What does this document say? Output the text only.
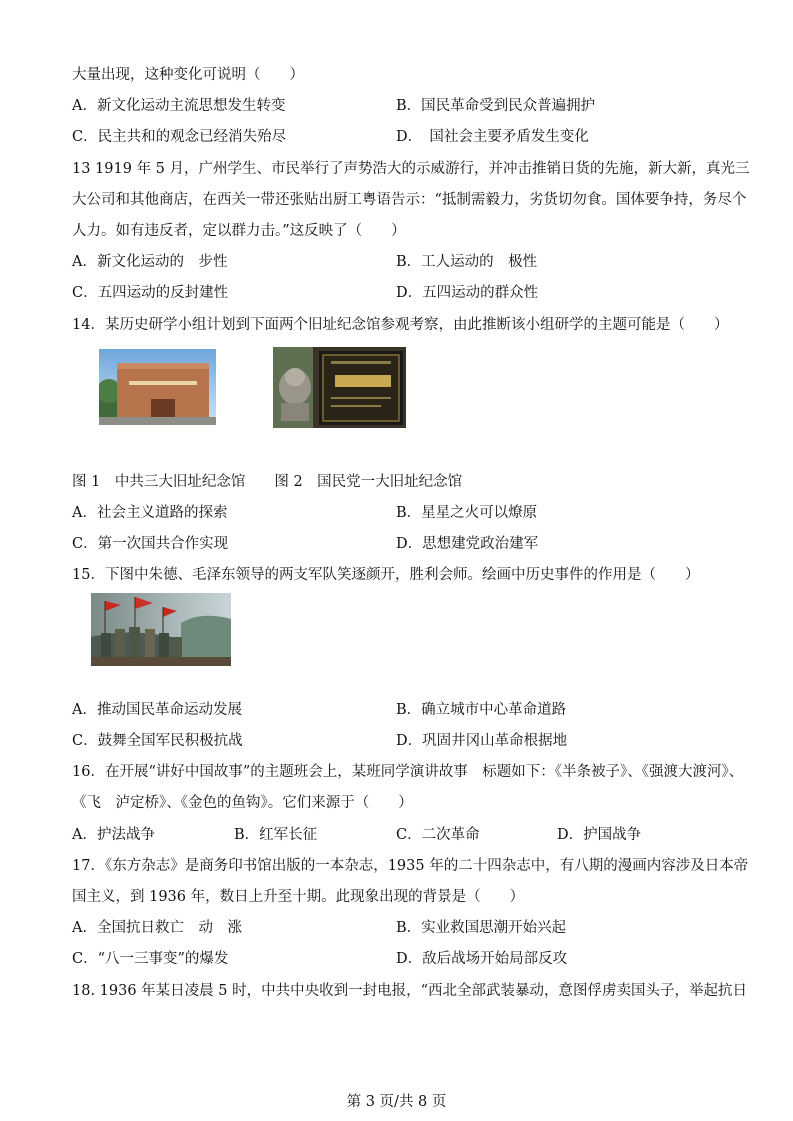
大量出现，这种变化可说明（　　）
A．新文化运动主流思想发生转变	B．国民革命受到民众普遍拥护
C．民主共和的观念已经消失殆尽	D．　国社会主要矛盾发生变化
13 1919 年 5 月，广州学生、市民举行了声势浩大的示威游行，并冲击推销日货的先施，新大新，真光三
大公司和其他商店，在西关一带还张贴出厨工粤语告示：“抵制需毅力，劣货切勿食。国体要争持，务尽个
人力。如有违反者，定以群力击。”这反映了（　　）
A．新文化运动的　步性	B．工人运动的　极性
C．五四运动的反封建性	D．五四运动的群众性
14．某历史研学小组计划到下面两个旧址纪念馆参观考察，由此推断该小组研学的主题可能是（　　）
图 1　中共三大旧址纪念馆　　图 2　国民党一大旧址纪念馆
A．社会主义道路的探索	B．星星之火可以燎原
C．第一次国共合作实现	D．思想建党政治建军
15．下图中朱德、毛泽东领导的两支军队笑逐颜开，胜利会师。绘画中历史事件的作用是（　　）
A．推动国民革命运动发展	B．确立城市中心革命道路
C．鼓舞全国军民积极抗战	D．巩固井冈山革命根据地
16．在开展“讲好中国故事”的主题班会上，某班同学演讲故事　标题如下：《半条被子》、《强渡大渡河》、
《飞　泸定桥》、《金色的鱼钩》。它们来源于（　　）
A．护法战争	B．红军长征	C．二次革命	D．护国战争
17．《东方杂志》是商务印书馆出版的一本杂志，1935 年的二十四杂志中，有八期的漫画内容涉及日本帝
国主义，到 1936 年，数日上升至十期。此现象出现的背景是（　　）
A．全国抗日救亡　动　涨	B．实业救国思潮开始兴起
C．“八一三事变”的爆发	D．敌后战场开始局部反攻
18. 1936 年某日凌晨 5 时，中共中央收到一封电报，“西北全部武装暴动，意图俘虏卖国头子，举起抗日
第 3 页/共 8 页
